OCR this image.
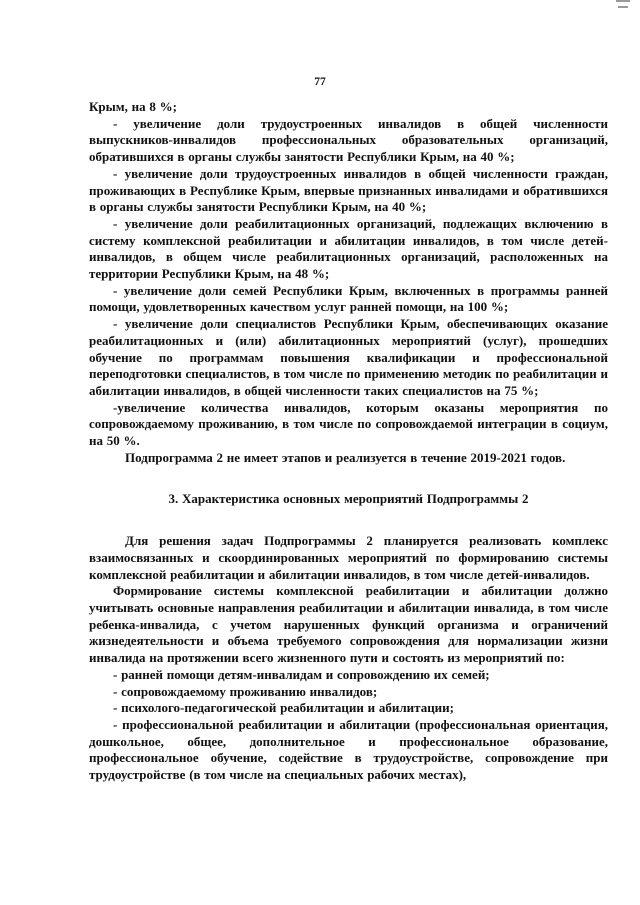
77

Крым, на 8 %;

- увеличение доли трудоустроенных инвалидов в общей численности выпускников-инвалидов профессиональных образовательных организаций, обратившихся в органы службы занятости Республики Крым, на 40 %;

- увеличение доли трудоустроенных инвалидов в общей численности граждан, проживающих в Республике Крым, впервые признанных инвалидами и обратившихся в органы службы занятости Республики Крым, на 40 %;

- увеличение доли реабилитационных организаций, подлежащих включению в систему комплексной реабилитации и абилитации инвалидов, в том числе детей-инвалидов, в общем числе реабилитационных организаций, расположенных на территории Республики Крым, на 48 %;

- увеличение доли семей Республики Крым, включенных в программы ранней помощи, удовлетворенных качеством услуг ранней помощи, на 100 %;

- увеличение доли специалистов Республики Крым, обеспечивающих оказание реабилитационных и (или) абилитационных мероприятий (услуг), прошедших обучение по программам повышения квалификации и профессиональной переподготовки специалистов, в том числе по применению методик по реабилитации и абилитации инвалидов, в общей численности таких специалистов на 75 %;

-увеличение количества инвалидов, которым оказаны мероприятия по сопровождаемому проживанию, в том числе по сопровождаемой интеграции в социум, на 50 %.

Подпрограмма 2 не имеет этапов и реализуется в течение 2019-2021 годов.

3. Характеристика основных мероприятий Подпрограммы 2

Для решения задач Подпрограммы 2 планируется реализовать комплекс взаимосвязанных и скоординированных мероприятий по формированию системы комплексной реабилитации и абилитации инвалидов, в том числе детей-инвалидов.

Формирование системы комплексной реабилитации и абилитации должно учитывать основные направления реабилитации и абилитации инвалида, в том числе ребенка-инвалида, с учетом нарушенных функций организма и ограничений жизнедеятельности и объема требуемого сопровождения для нормализации жизни инвалида на протяжении всего жизненного пути и состоять из мероприятий по:

- ранней помощи детям-инвалидам и сопровождению их семей;

- сопровождаемому проживанию инвалидов;

- психолого-педагогической реабилитации и абилитации;

- профессиональной реабилитации и абилитации (профессиональная ориентация, дошкольное, общее, дополнительное и профессиональное образование, профессиональное обучение, содействие в трудоустройстве, сопровождение при трудоустройстве (в том числе на специальных рабочих местах),
